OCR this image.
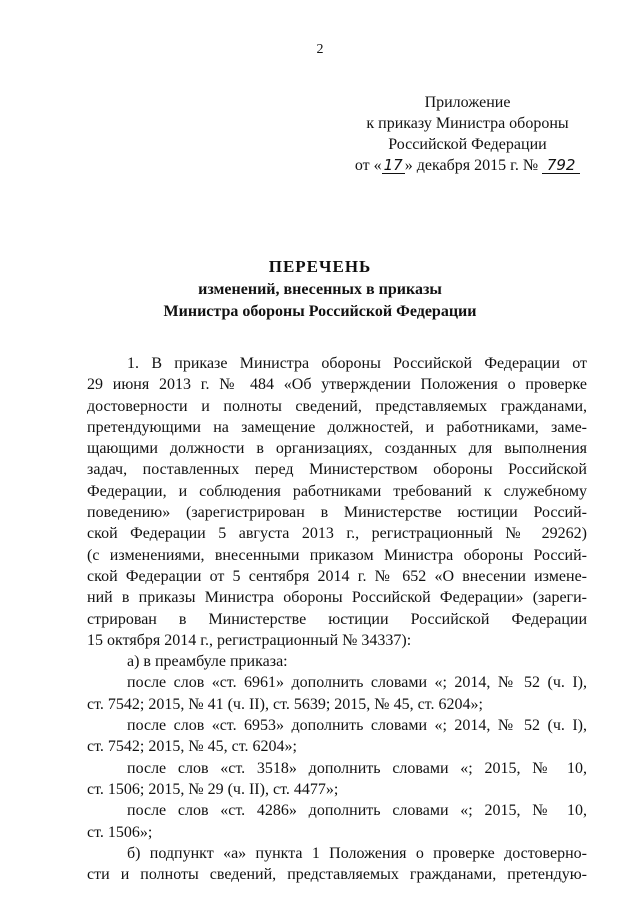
2
Приложение
к приказу Министра обороны
Российской Федерации
от « 17 » декабря 2015 г. № 792
ПЕРЕЧЕНЬ
изменений, внесенных в приказы
Министра обороны Российской Федерации
1. В приказе Министра обороны Российской Федерации от
29 июня 2013 г. № 484 «Об утверждении Положения о проверке
достоверности и полноты сведений, представляемых гражданами,
претендующими на замещение должностей, и работниками, заме-
щающими должности в организациях, созданных для выполнения
задач, поставленных перед Министерством обороны Российской
Федерации, и соблюдения работниками требований к служебному
поведению» (зарегистрирован в Министерстве юстиции Россий-
ской Федерации 5 августа 2013 г., регистрационный № 29262)
(с изменениями, внесенными приказом Министра обороны Россий-
ской Федерации от 5 сентября 2014 г. № 652 «О внесении измене-
ний в приказы Министра обороны Российской Федерации» (зареги-
стрирован в Министерстве юстиции Российской Федерации
15 октября 2014 г., регистрационный № 34337):
а) в преамбуле приказа:
после слов «ст. 6961» дополнить словами «; 2014, № 52 (ч. I),
ст. 7542; 2015, № 41 (ч. II), ст. 5639; 2015, № 45, ст. 6204»;
после слов «ст. 6953» дополнить словами «; 2014, № 52 (ч. I),
ст. 7542; 2015, № 45, ст. 6204»;
после слов «ст. 3518» дополнить словами «; 2015, № 10,
ст. 1506; 2015, № 29 (ч. II), ст. 4477»;
после слов «ст. 4286» дополнить словами «; 2015, № 10,
ст. 1506»;
б) подпункт «а» пункта 1 Положения о проверке достоверно-
сти и полноты сведений, представляемых гражданами, претендую-
